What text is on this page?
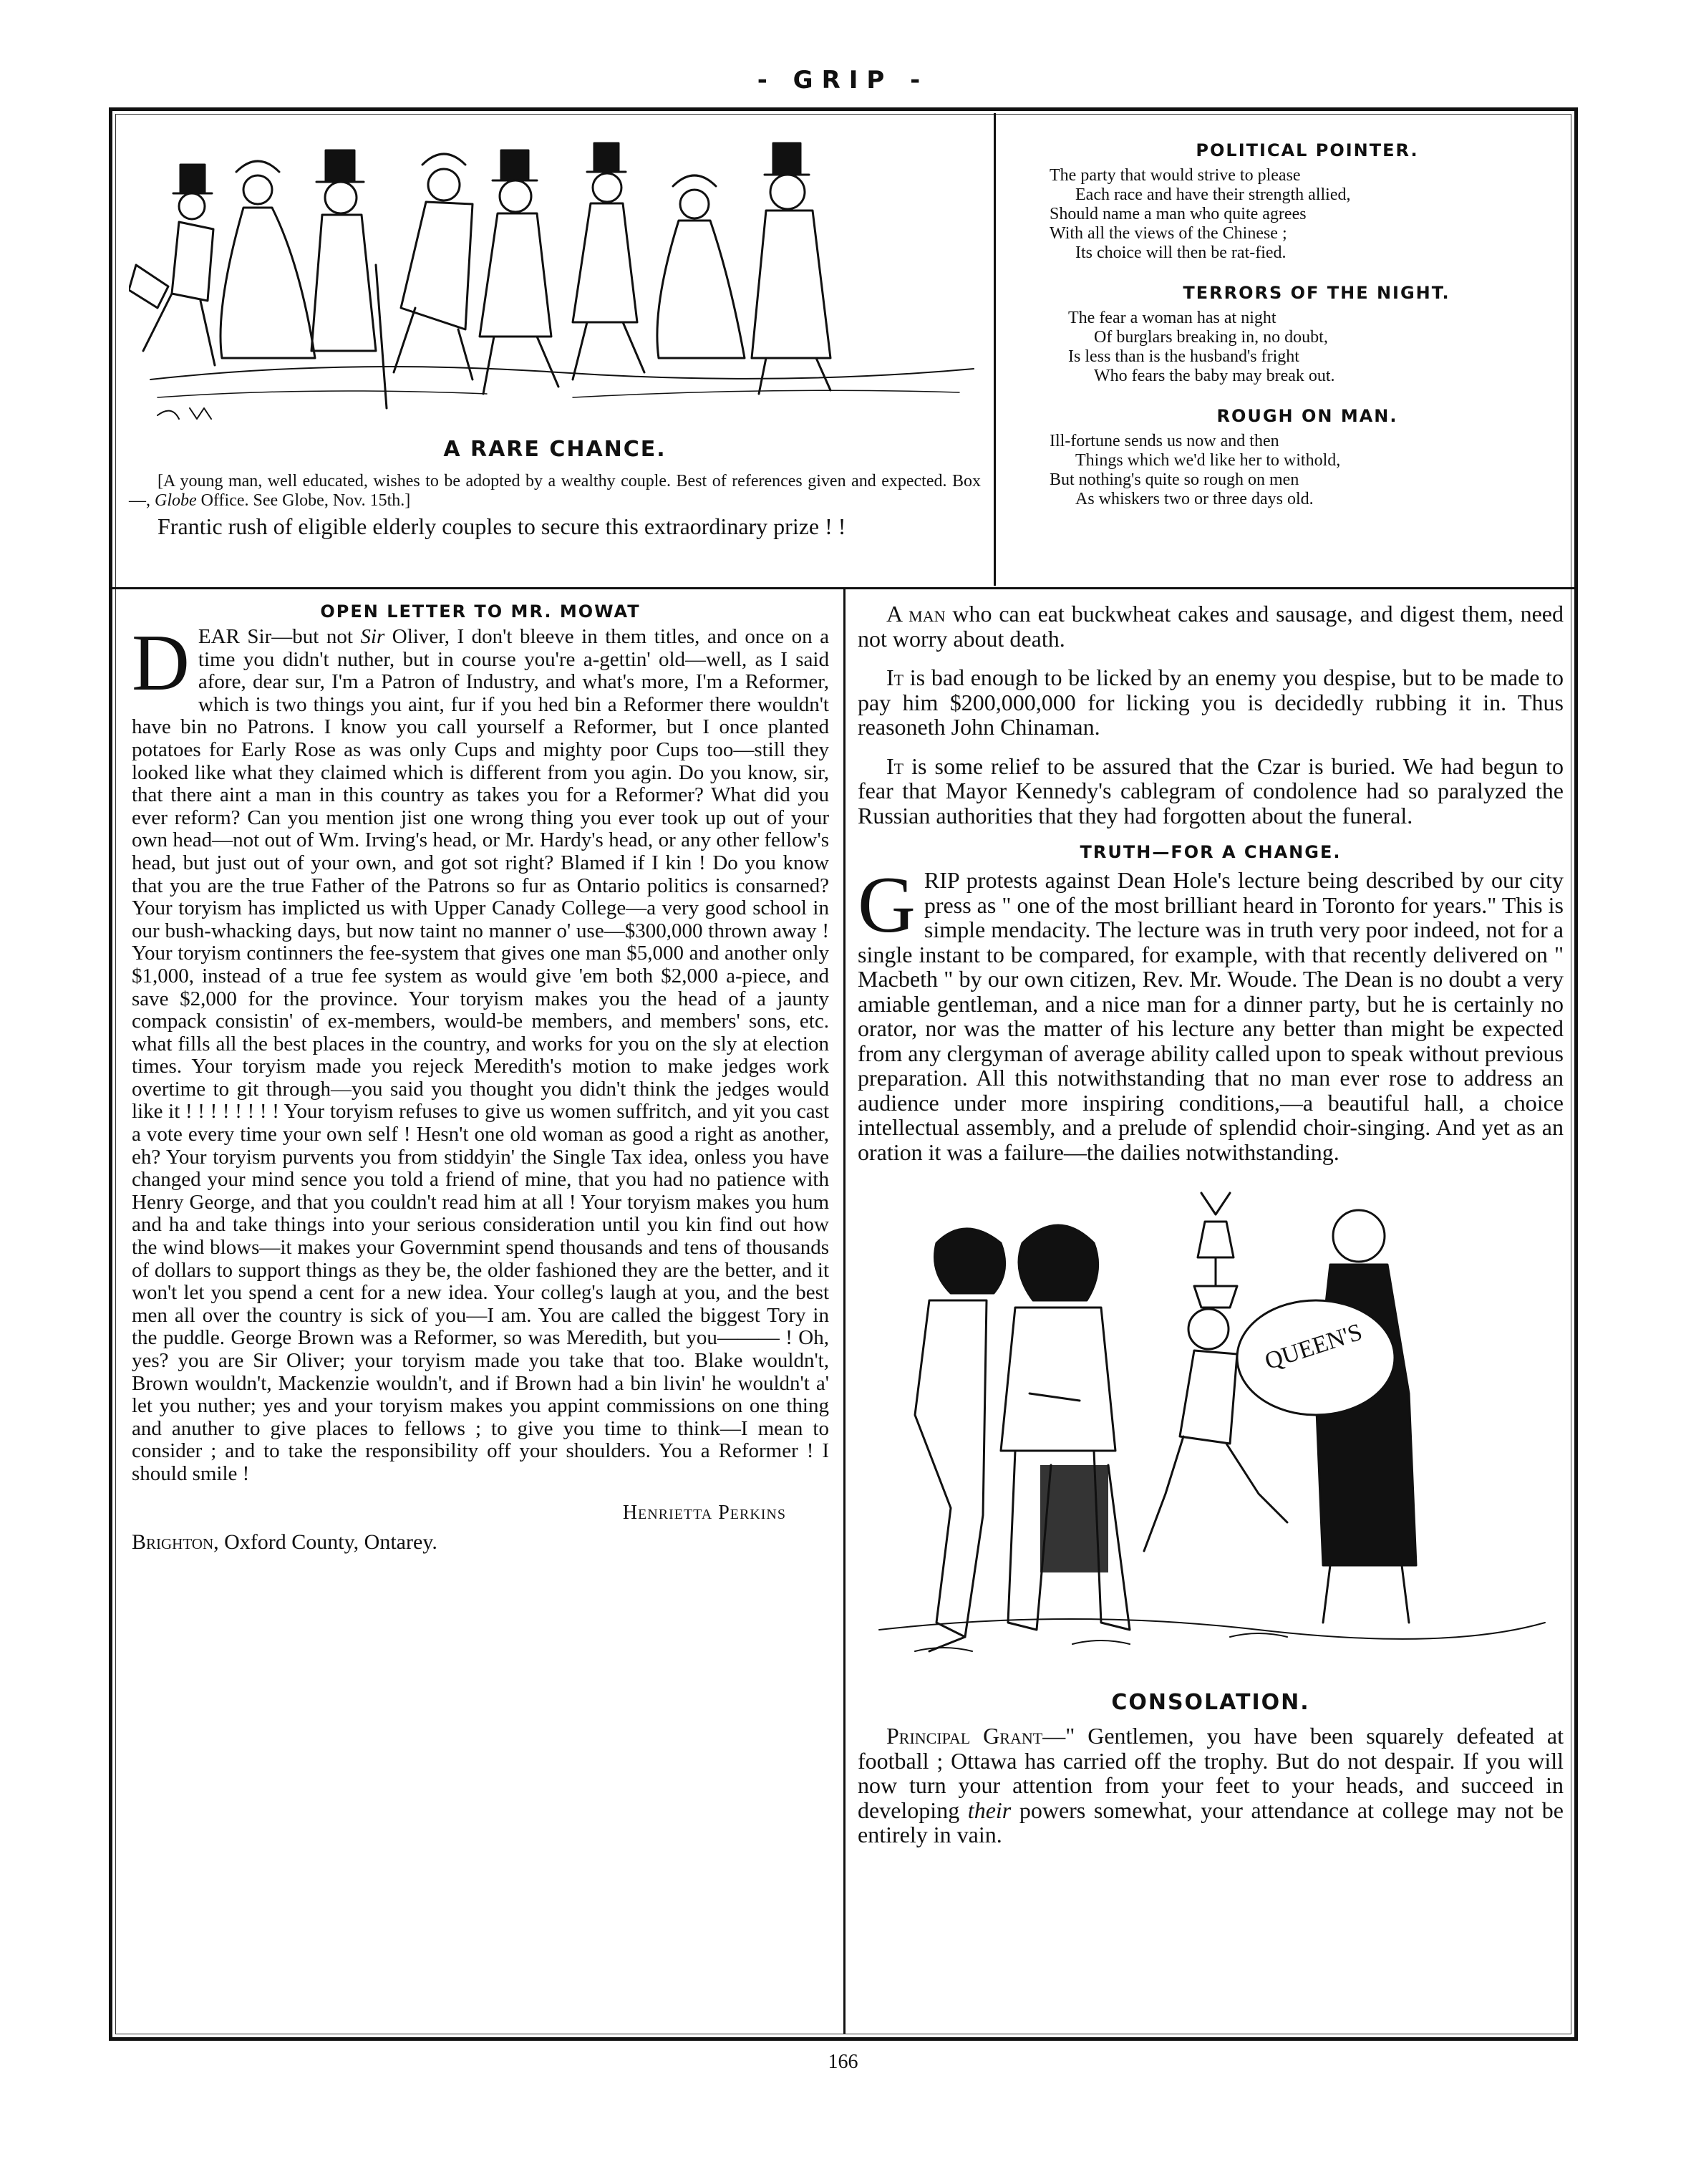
- GRIP -
A RARE CHANCE.

[A young man, well educated, wishes to be adopted by a wealthy couple. Best of references given and expected. Box —, Globe Office. See Globe, Nov. 15th.]

Frantic rush of eligible elderly couples to secure this extraordinary prize ! !

POLITICAL POINTER.
The party that would strive to please
Each race and have their strength allied,
Should name a man who quite agrees
With all the views of the Chinese ;
Its choice will then be rat-fied.
TERRORS OF THE NIGHT.
The fear a woman has at night
Of burglars breaking in, no doubt,
Is less than is the husband's fright
Who fears the baby may break out.
ROUGH ON MAN.
Ill-fortune sends us now and then
Things which we'd like her to withold,
But nothing's quite so rough on men
As whiskers two or three days old.
OPEN LETTER TO MR. MOWAT

DEAR Sir—but not Sir Oliver, I don't bleeve in them titles, and once on a time you didn't nuther, but in course you're a-gettin' old—well, as I said afore, dear sur, I'm a Patron of Industry, and what's more, I'm a Reformer, which is two things you aint, fur if you hed bin a Reformer there wouldn't have bin no Patrons. I know you call yourself a Reformer, but I once planted potatoes for Early Rose as was only Cups and mighty poor Cups too—still they looked like what they claimed which is different from you agin. Do you know, sir, that there aint a man in this country as takes you for a Reformer? What did you ever reform? Can you mention jist one wrong thing you ever took up out of your own head—not out of Wm. Irving's head, or Mr. Hardy's head, or any other fellow's head, but just out of your own, and got sot right? Blamed if I kin ! Do you know that you are the true Father of the Patrons so fur as Ontario politics is consarned? Your toryism has implicted us with Upper Canady College—a very good school in our bush-whacking days, but now taint no manner o' use—$300,000 thrown away ! Your toryism continners the fee-system that gives one man $5,000 and another only $1,000, instead of a true fee system as would give 'em both $2,000 a-piece, and save $2,000 for the province. Your toryism makes you the head of a jaunty compack consistin' of ex-members, would-be members, and members' sons, etc. what fills all the best places in the country, and works for you on the sly at election times. Your toryism made you rejeck Meredith's motion to make jedges work overtime to git through—you said you thought you didn't think the jedges would like it ! ! ! ! ! ! ! ! Your toryism refuses to give us women suffritch, and yit you cast a vote every time your own self ! Hesn't one old woman as good a right as another, eh? Your toryism purvents you from stiddyin' the Single Tax idea, onless you have changed your mind sence you told a friend of mine, that you had no patience with Henry George, and that you couldn't read him at all ! Your toryism makes you hum and ha and take things into your serious consideration until you kin find out how the wind blows—it makes your Governmint spend thousands and tens of thousands of dollars to support things as they be, the older fashioned they are the better, and it won't let you spend a cent for a new idea. Your colleg's laugh at you, and the best men all over the country is sick of you—I am. You are called the biggest Tory in the puddle. George Brown was a Reformer, so was Meredith, but you——— ! Oh, yes? you are Sir Oliver; your toryism made you take that too. Blake wouldn't, Brown wouldn't, Mackenzie wouldn't, and if Brown had a bin livin' he wouldn't a' let you nuther; yes and your toryism makes you appint commissions on one thing and anuther to give places to fellows ; to give you time to think—I mean to consider ; and to take the responsibility off your shoulders. You a Reformer ! I should smile !

Henrietta Perkins
Brighton, Oxford County, Ontarey.

A man who can eat buckwheat cakes and sausage, and digest them, need not worry about death.

It is bad enough to be licked by an enemy you despise, but to be made to pay him $200,000,000 for licking you is decidedly rubbing it in. Thus reasoneth John Chinaman.

It is some relief to be assured that the Czar is buried. We had begun to fear that Mayor Kennedy's cablegram of condolence had so paralyzed the Russian authorities that they had forgotten about the funeral.

TRUTH—FOR A CHANGE.

GRIP protests against Dean Hole's lecture being described by our city press as " one of the most brilliant heard in Toronto for years." This is simple mendacity. The lecture was in truth very poor indeed, not for a single instant to be compared, for example, with that recently delivered on " Macbeth " by our own citizen, Rev. Mr. Woude. The Dean is no doubt a very amiable gentleman, and a nice man for a dinner party, but he is certainly no orator, nor was the matter of his lecture any better than might be expected from any clergyman of average ability called upon to speak without previous preparation. All this notwithstanding that no man ever rose to address an audience under more inspiring conditions,—a beautiful hall, a choice intellectual assembly, and a prelude of splendid choir-singing. And yet as an oration it was a failure—the dailies notwithstanding.

QUEEN'S
CONSOLATION.

Principal Grant—" Gentlemen, you have been squarely defeated at football ; Ottawa has carried off the trophy. But do not despair. If you will now turn your attention from your feet to your heads, and succeed in developing their powers somewhat, your attendance at college may not be entirely in vain.

166
